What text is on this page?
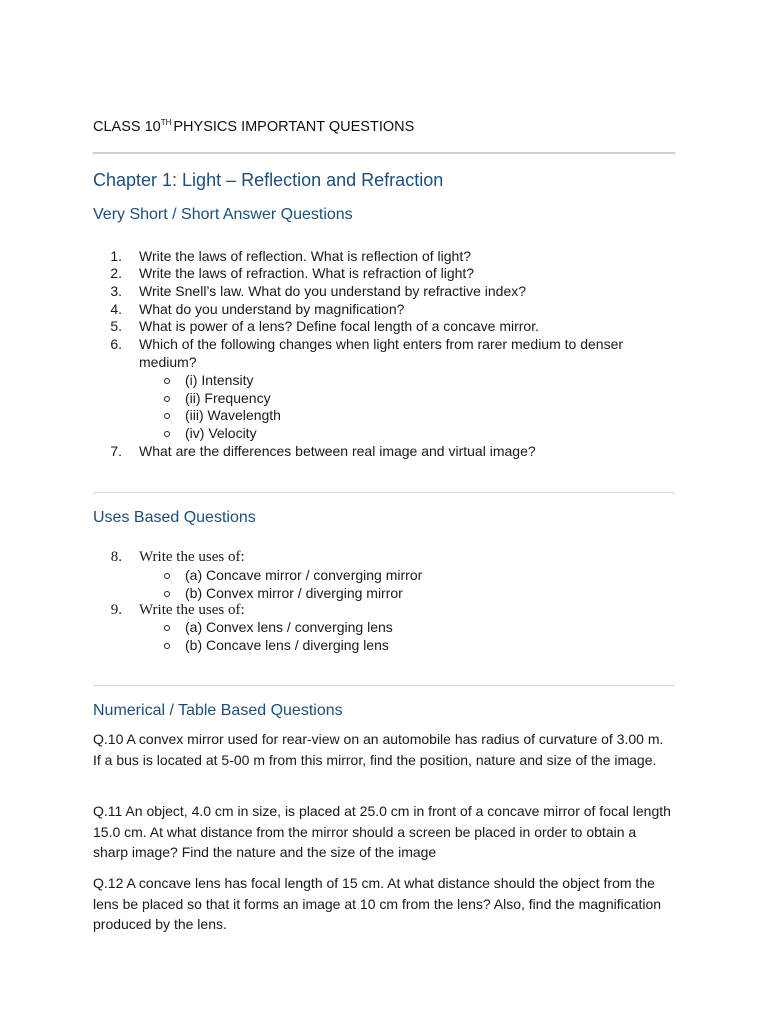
CLASS 10TH PHYSICS IMPORTANT QUESTIONS
Chapter 1: Light – Reflection and Refraction
Very Short / Short Answer Questions
1. Write the laws of reflection. What is reflection of light?
2. Write the laws of refraction. What is refraction of light?
3. Write Snell’s law. What do you understand by refractive index?
4. What do you understand by magnification?
5. What is power of a lens? Define focal length of a concave mirror.
6. Which of the following changes when light enters from rarer medium to denser
medium?
(i) Intensity
(ii) Frequency
(iii) Wavelength
(iv) Velocity
7. What are the differences between real image and virtual image?
Uses Based Questions
8. Write the uses of:
(a) Concave mirror / converging mirror
(b) Convex mirror / diverging mirror
9. Write the uses of:
(a) Convex lens / converging lens
(b) Concave lens / diverging lens
Numerical / Table Based Questions
Q.10 A convex mirror used for rear-view on an automobile has radius of curvature of 3.00 m. If a bus is located at 5-00 m from this mirror, find the position, nature and size of the image.
Q.11 An object, 4.0 cm in size, is placed at 25.0 cm in front of a concave mirror of focal length 15.0 cm. At what distance from the mirror should a screen be placed in order to obtain a sharp image? Find the nature and the size of the image
Q.12 A concave lens has focal length of 15 cm. At what distance should the object from the lens be placed so that it forms an image at 10 cm from the lens? Also, find the magnification produced by the lens.
